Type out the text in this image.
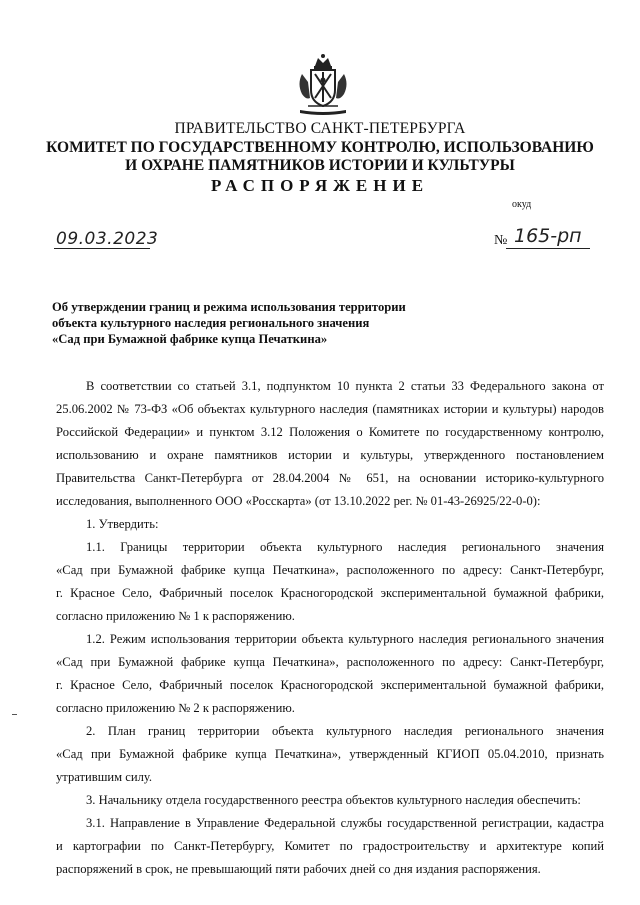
ПРАВИТЕЛЬСТВО САНКТ-ПЕТЕРБУРГА
КОМИТЕТ ПО ГОСУДАРСТВЕННОМУ КОНТРОЛЮ, ИСПОЛЬЗОВАНИЮ
И ОХРАНЕ ПАМЯТНИКОВ ИСТОРИИ И КУЛЬТУРЫ
РАСПОРЯЖЕНИЕ
окуд
09.03.2023	№ 165-рп
Об утверждении границ и режима использования территории
объекта культурного наследия регионального значения
«Сад при Бумажной фабрике купца Печаткина»
В соответствии со статьей 3.1, подпунктом 10 пункта 2 статьи 33 Федерального закона от
25.06.2002 № 73-ФЗ «Об объектах культурного наследия (памятниках истории и культуры) народов
Российской Федерации» и пунктом 3.12 Положения о Комитете по государственному контролю,
использованию и охране памятников истории и культуры, утвержденного постановлением
Правительства Санкт-Петербурга от 28.04.2004 № 651, на основании историко-культурного
исследования, выполненного ООО «Росскарта» (от 13.10.2022 рег. № 01-43-26925/22-0-0):
1. Утвердить:
1.1. Границы территории объекта культурного наследия регионального значения
«Сад при Бумажной фабрике купца Печаткина», расположенного по адресу: Санкт-Петербург,
г. Красное Село, Фабричный поселок Красногородской экспериментальной бумажной фабрики,
согласно приложению № 1 к распоряжению.
1.2. Режим использования территории объекта культурного наследия регионального значения
«Сад при Бумажной фабрике купца Печаткина», расположенного по адресу: Санкт-Петербург,
г. Красное Село, Фабричный поселок Красногородской экспериментальной бумажной фабрики,
согласно приложению № 2 к распоряжению.
2. План границ территории объекта культурного наследия регионального значения
«Сад при Бумажной фабрике купца Печаткина», утвержденный КГИОП 05.04.2010, признать
утратившим силу.
3. Начальнику отдела государственного реестра объектов культурного наследия обеспечить:
3.1. Направление в Управление Федеральной службы государственной регистрации, кадастра
и картографии по Санкт-Петербургу, Комитет по градостроительству и архитектуре копий
распоряжений в срок, не превышающий пяти рабочих дней со дня издания распоряжения.
